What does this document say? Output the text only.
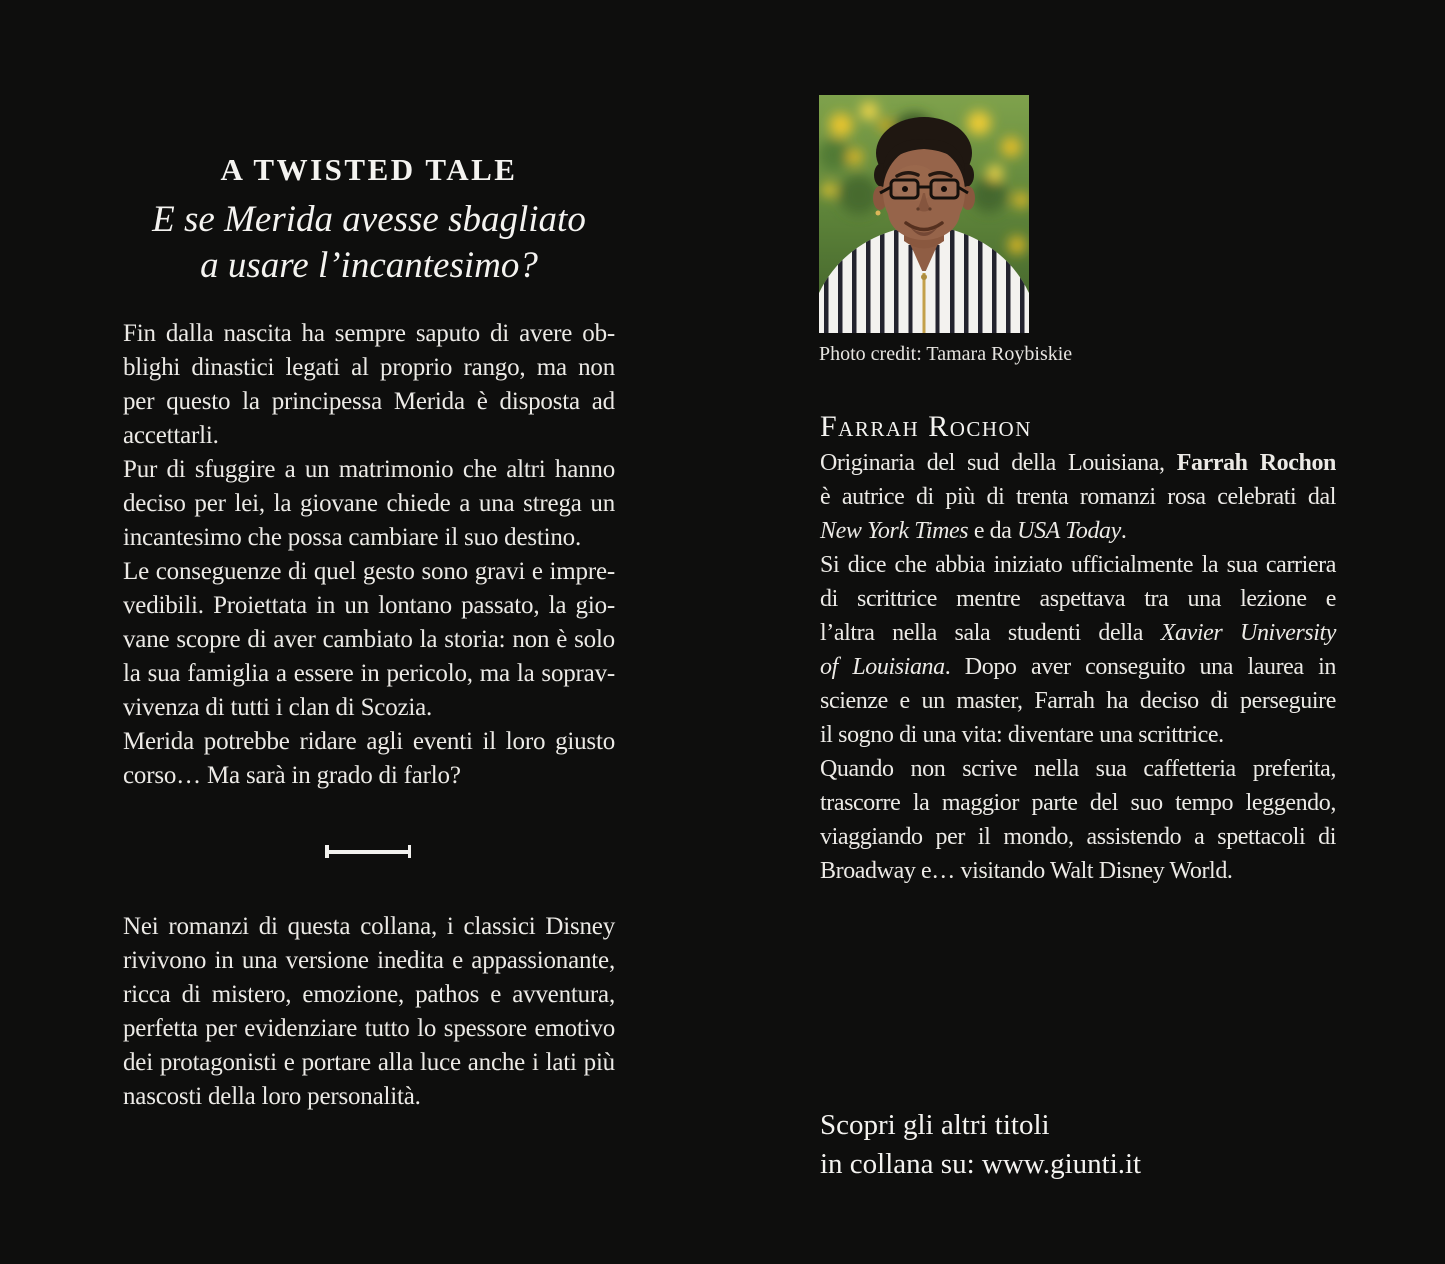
A TWISTED TALE
E se Merida avesse sbagliato
a usare l’incantesimo?
Fin dalla nascita ha sempre saputo di avere ob-
blighi dinastici legati al proprio rango, ma non
per questo la principessa Merida è disposta ad
accettarli.
Pur di sfuggire a un matrimonio che altri hanno
deciso per lei, la giovane chiede a una strega un
incantesimo che possa cambiare il suo destino.
Le conseguenze di quel gesto sono gravi e impre-
vedibili. Proiettata in un lontano passato, la gio-
vane scopre di aver cambiato la storia: non è solo
la sua famiglia a essere in pericolo, ma la soprav-
vivenza di tutti i clan di Scozia.
Merida potrebbe ridare agli eventi il loro giusto
corso… Ma sarà in grado di farlo?
Nei romanzi di questa collana, i classici Disney
rivivono in una versione inedita e appassionante,
ricca di mistero, emozione, pathos e avventura,
perfetta per evidenziare tutto lo spessore emotivo
dei protagonisti e portare alla luce anche i lati più
nascosti della loro personalità.
Photo credit: Tamara Roybiskie
Farrah Rochon
Originaria del sud della Louisiana, Farrah Rochon
è autrice di più di trenta romanzi rosa celebrati dal
New York Times e da USA Today.
Si dice che abbia iniziato ufficialmente la sua carriera
di scrittrice mentre aspettava tra una lezione e
l’altra nella sala studenti della Xavier University
of Louisiana. Dopo aver conseguito una laurea in
scienze e un master, Farrah ha deciso di perseguire
il sogno di una vita: diventare una scrittrice.
Quando non scrive nella sua caffetteria preferita,
trascorre la maggior parte del suo tempo leggendo,
viaggiando per il mondo, assistendo a spettacoli di
Broadway e… visitando Walt Disney World.
Scopri gli altri titoli
in collana su: www.giunti.it
